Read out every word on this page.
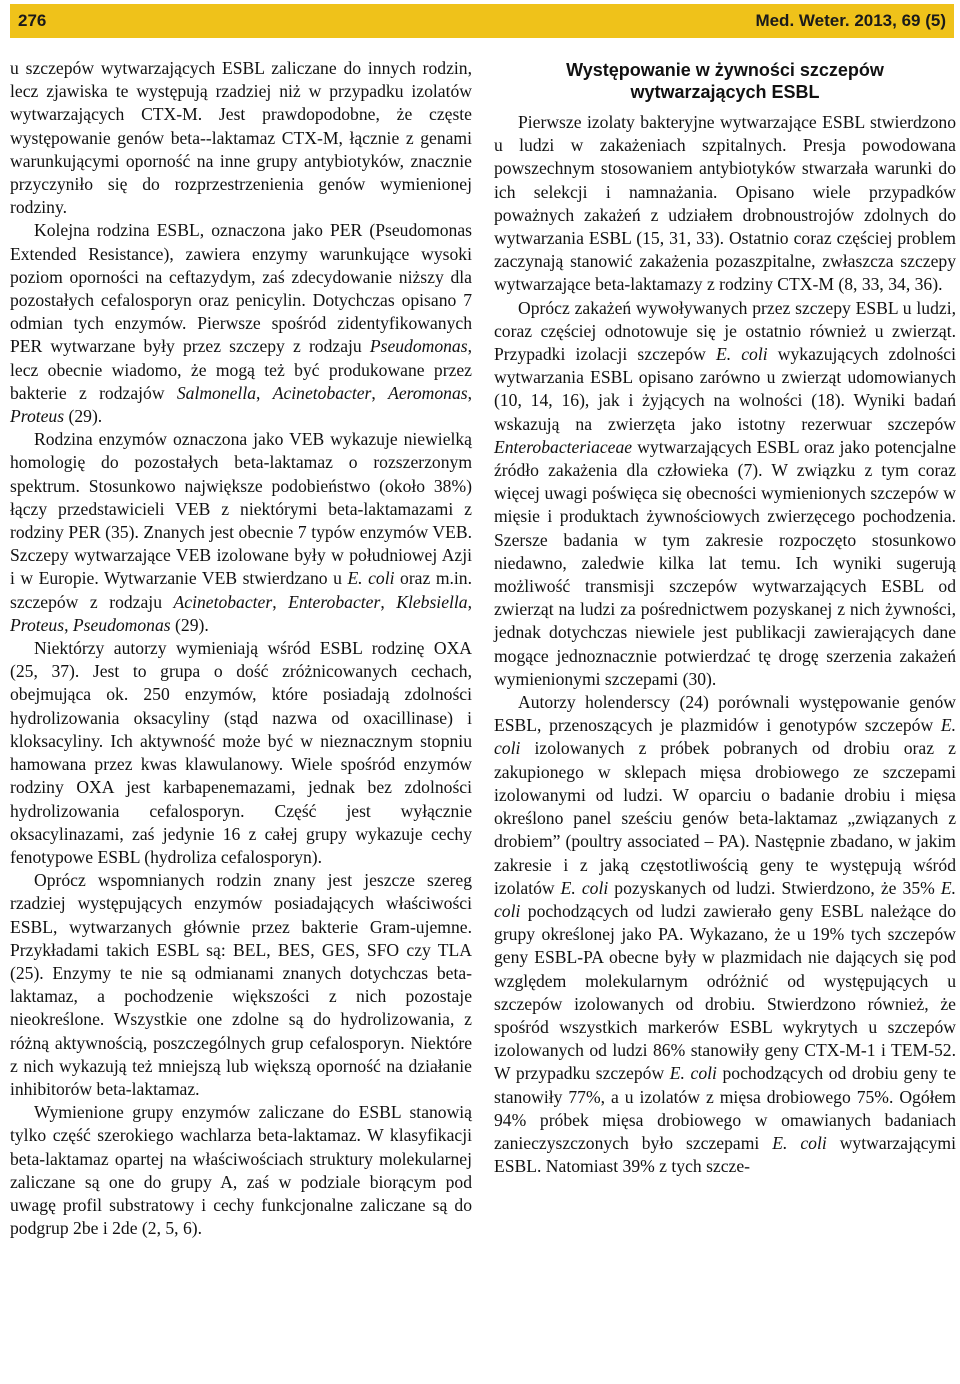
276	Med. Weter. 2013, 69 (5)

u szczepów wytwarzających ESBL zaliczane do innych rodzin, lecz zjawiska te występują rzadziej niż w przypadku izolatów wytwarzających CTX-M. Jest prawdopodobne, że częste występowanie genów beta--laktamaz CTX-M, łącznie z genami warunkującymi oporność na inne grupy antybiotyków, znacznie przyczyniło się do rozprzestrzenienia genów wymienionej rodziny.

Kolejna rodzina ESBL, oznaczona jako PER (Pseudomonas Extended Resistance), zawiera enzymy warunkujące wysoki poziom oporności na ceftazydym, zaś zdecydowanie niższy dla pozostałych cefalosporyn oraz penicylin. Dotychczas opisano 7 odmian tych enzymów. Pierwsze spośród zidentyfikowanych PER wytwarzane były przez szczepy z rodzaju Pseudomonas, lecz obecnie wiadomo, że mogą też być produkowane przez bakterie z rodzajów Salmonella, Acinetobacter, Aeromonas, Proteus (29).

Rodzina enzymów oznaczona jako VEB wykazuje niewielką homologię do pozostałych beta-laktamaz o rozszerzonym spektrum. Stosunkowo największe podobieństwo (około 38%) łączy przedstawicieli VEB z niektórymi beta-laktamazami z rodziny PER (35). Znanych jest obecnie 7 typów enzymów VEB. Szczepy wytwarzające VEB izolowane były w południowej Azji i w Europie. Wytwarzanie VEB stwierdzano u E. coli oraz m.in. szczepów z rodzaju Acinetobacter, Enterobacter, Klebsiella, Proteus, Pseudomonas (29).

Niektórzy autorzy wymieniają wśród ESBL rodzinę OXA (25, 37). Jest to grupa o dość zróżnicowanych cechach, obejmująca ok. 250 enzymów, które posiadają zdolności hydrolizowania oksacyliny (stąd nazwa od oxacillinase) i kloksacyliny. Ich aktywność może być w nieznacznym stopniu hamowana przez kwas klawulanowy. Wiele spośród enzymów rodziny OXA jest karbapenemazami, jednak bez zdolności hydrolizowania cefalosporyn. Część jest wyłącznie oksacylinazami, zaś jedynie 16 z całej grupy wykazuje cechy fenotypowe ESBL (hydroliza cefalosporyn).

Oprócz wspomnianych rodzin znany jest jeszcze szereg rzadziej występujących enzymów posiadających właściwości ESBL, wytwarzanych głównie przez bakterie Gram-ujemne. Przykładami takich ESBL są: BEL, BES, GES, SFO czy TLA (25). Enzymy te nie są odmianami znanych dotychczas beta-laktamaz, a pochodzenie większości z nich pozostaje nieokreślone. Wszystkie one zdolne są do hydrolizowania, z różną aktywnością, poszczególnych grup cefalosporyn. Niektóre z nich wykazują też mniejszą lub większą oporność na działanie inhibitorów beta-laktamaz.

Wymienione grupy enzymów zaliczane do ESBL stanowią tylko część szerokiego wachlarza beta-laktamaz. W klasyfikacji beta-laktamaz opartej na właściwościach struktury molekularnej zaliczane są one do grupy A, zaś w podziale biorącym pod uwagę profil substratowy i cechy funkcjonalne zaliczane są do podgrup 2be i 2de (2, 5, 6).

Występowanie w żywności szczepów
wytwarzających ESBL

Pierwsze izolaty bakteryjne wytwarzające ESBL stwierdzono u ludzi w zakażeniach szpitalnych. Presja powodowana powszechnym stosowaniem antybiotyków stwarzała warunki do ich selekcji i namnażania. Opisano wiele przypadków poważnych zakażeń z udziałem drobnoustrojów zdolnych do wytwarzania ESBL (15, 31, 33). Ostatnio coraz częściej problem zaczynają stanowić zakażenia pozaszpitalne, zwłaszcza szczepy wytwarzające beta-laktamazy z rodziny CTX-M (8, 33, 34, 36).

Oprócz zakażeń wywoływanych przez szczepy ESBL u ludzi, coraz częściej odnotowuje się je ostatnio również u zwierząt. Przypadki izolacji szczepów E. coli wykazujących zdolności wytwarzania ESBL opisano zarówno u zwierząt udomowianych (10, 14, 16), jak i żyjących na wolności (18). Wyniki badań wskazują na zwierzęta jako istotny rezerwuar szczepów Enterobacteriaceae wytwarzających ESBL oraz jako potencjalne źródło zakażenia dla człowieka (7). W związku z tym coraz więcej uwagi poświęca się obecności wymienionych szczepów w mięsie i produktach żywnościowych zwierzęcego pochodzenia. Szersze badania w tym zakresie rozpoczęto stosunkowo niedawno, zaledwie kilka lat temu. Ich wyniki sugerują możliwość transmisji szczepów wytwarzających ESBL od zwierząt na ludzi za pośrednictwem pozyskanej z nich żywności, jednak dotychczas niewiele jest publikacji zawierających dane mogące jednoznacznie potwierdzać tę drogę szerzenia zakażeń wymienionymi szczepami (30).

Autorzy holenderscy (24) porównali występowanie genów ESBL, przenoszących je plazmidów i genotypów szczepów E. coli izolowanych z próbek pobranych od drobiu oraz z zakupionego w sklepach mięsa drobiowego ze szczepami izolowanymi od ludzi. W oparciu o badanie drobiu i mięsa określono panel sześciu genów beta-laktamaz „związanych z drobiem” (poultry associated – PA). Następnie zbadano, w jakim zakresie i z jaką częstotliwością geny te występują wśród izolatów E. coli pozyskanych od ludzi. Stwierdzono, że 35% E. coli pochodzących od ludzi zawierało geny ESBL należące do grupy określonej jako PA. Wykazano, że u 19% tych szczepów geny ESBL-PA obecne były w plazmidach nie dających się pod względem molekularnym odróżnić od występujących u szczepów izolowanych od drobiu. Stwierdzono również, że spośród wszystkich markerów ESBL wykrytych u szczepów izolowanych od ludzi 86% stanowiły geny CTX-M-1 i TEM-52. W przypadku szczepów E. coli pochodzących od drobiu geny te stanowiły 77%, a u izolatów z mięsa drobiowego 75%. Ogółem 94% próbek mięsa drobiowego w omawianych badaniach zanieczyszczonych było szczepami E. coli wytwarzającymi ESBL. Natomiast 39% z tych szcze-
